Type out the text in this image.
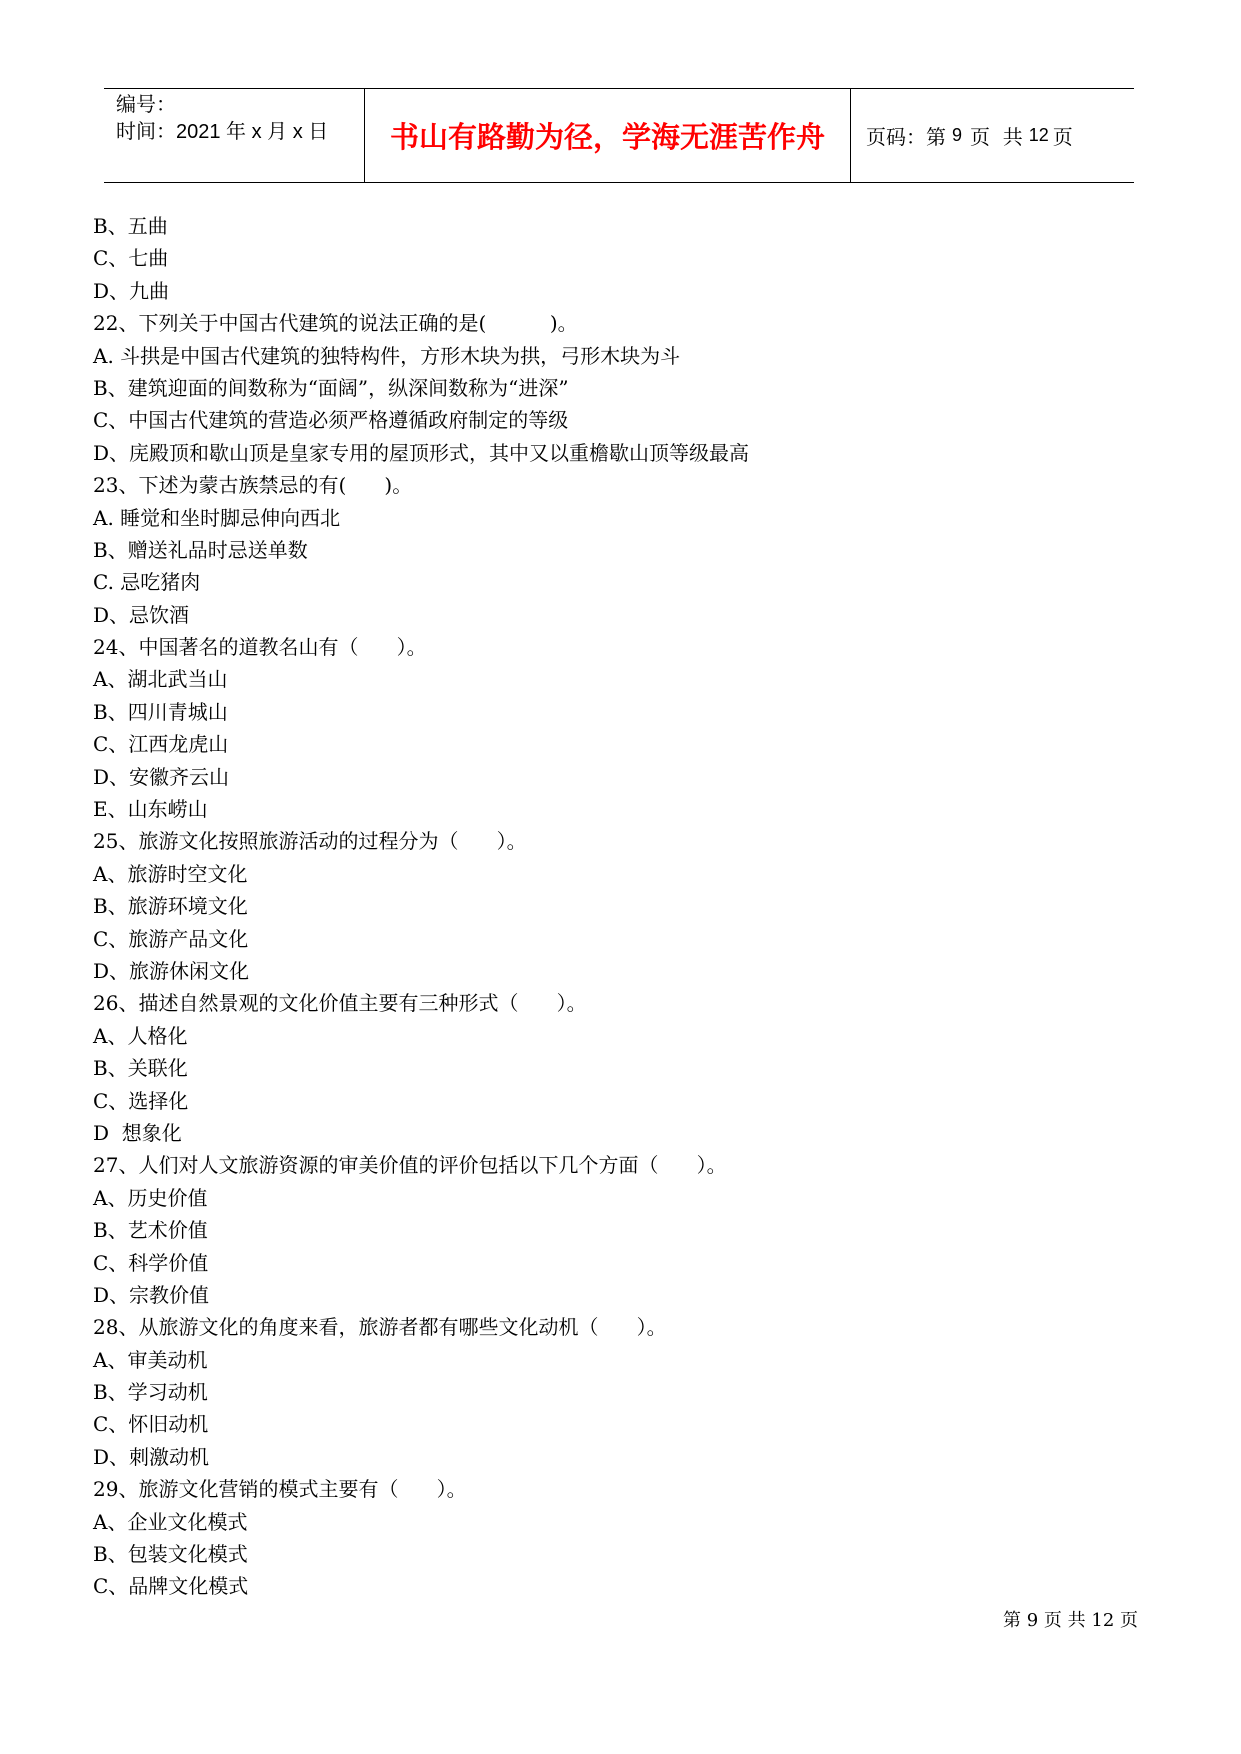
编号：
时间：2021 年 x 月 x 日	书山有路勤为径，学海无涯苦作舟	页码：第 9 页  共 12 页
B、五曲
C、七曲
D、九曲
22、下列关于中国古代建筑的说法正确的是(          )。
A. 斗拱是中国古代建筑的独特构件，方形木块为拱，弓形木块为斗
B、建筑迎面的间数称为“面阔”，纵深间数称为“进深”
C、中国古代建筑的营造必须严格遵循政府制定的等级
D、庑殿顶和歇山顶是皇家专用的屋顶形式，其中又以重檐歇山顶等级最高
23、下述为蒙古族禁忌的有(      )。
A. 睡觉和坐时脚忌伸向西北
B、赠送礼品时忌送单数
C. 忌吃猪肉
D、忌饮酒
24、中国著名的道教名山有（      ）。
A、湖北武当山
B、四川青城山
C、江西龙虎山
D、安徽齐云山
E、山东崂山
25、旅游文化按照旅游活动的过程分为（      ）。
A、旅游时空文化
B、旅游环境文化
C、旅游产品文化
D、旅游休闲文化
26、描述自然景观的文化价值主要有三种形式（      ）。
A、人格化
B、关联化
C、选择化
D  想象化
27、人们对人文旅游资源的审美价值的评价包括以下几个方面（      ）。
A、历史价值
B、艺术价值
C、科学价值
D、宗教价值
28、从旅游文化的角度来看，旅游者都有哪些文化动机（      ）。
A、审美动机
B、学习动机
C、怀旧动机
D、刺激动机
29、旅游文化营销的模式主要有（      ）。
A、企业文化模式
B、包装文化模式
C、品牌文化模式
第 9 页 共 12 页
